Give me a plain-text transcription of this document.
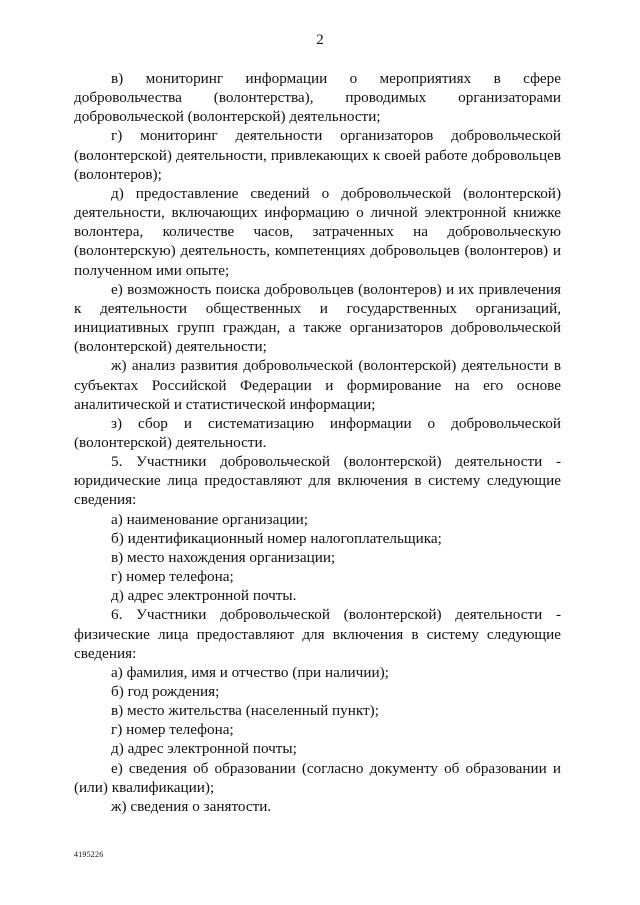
2

в) мониторинг информации о мероприятиях в сфере добровольчества (волонтерства), проводимых организаторами добровольческой (волонтерской) деятельности;

г) мониторинг деятельности организаторов добровольческой (волонтерской) деятельности, привлекающих к своей работе добровольцев (волонтеров);

д) предоставление сведений о добровольческой (волонтерской) деятельности, включающих информацию о личной электронной книжке волонтера, количестве часов, затраченных на добровольческую (волонтерскую) деятельность, компетенциях добровольцев (волонтеров) и полученном ими опыте;

е) возможность поиска добровольцев (волонтеров) и их привлечения к деятельности общественных и государственных организаций, инициативных групп граждан, а также организаторов добровольческой (волонтерской) деятельности;

ж) анализ развития добровольческой (волонтерской) деятельности в субъектах Российской Федерации и формирование на его основе аналитической и статистической информации;

з) сбор и систематизацию информации о добровольческой (волонтерской) деятельности.

5. Участники добровольческой (волонтерской) деятельности - юридические лица предоставляют для включения в систему следующие сведения:

а) наименование организации;

б) идентификационный номер налогоплательщика;

в) место нахождения организации;

г) номер телефона;

д) адрес электронной почты.

6. Участники добровольческой (волонтерской) деятельности - физические лица предоставляют для включения в систему следующие сведения:

а) фамилия, имя и отчество (при наличии);

б) год рождения;

в) место жительства (населенный пункт);

г) номер телефона;

д) адрес электронной почты;

е) сведения об образовании (согласно документу об образовании и (или) квалификации);

ж) сведения о занятости.

4195226
